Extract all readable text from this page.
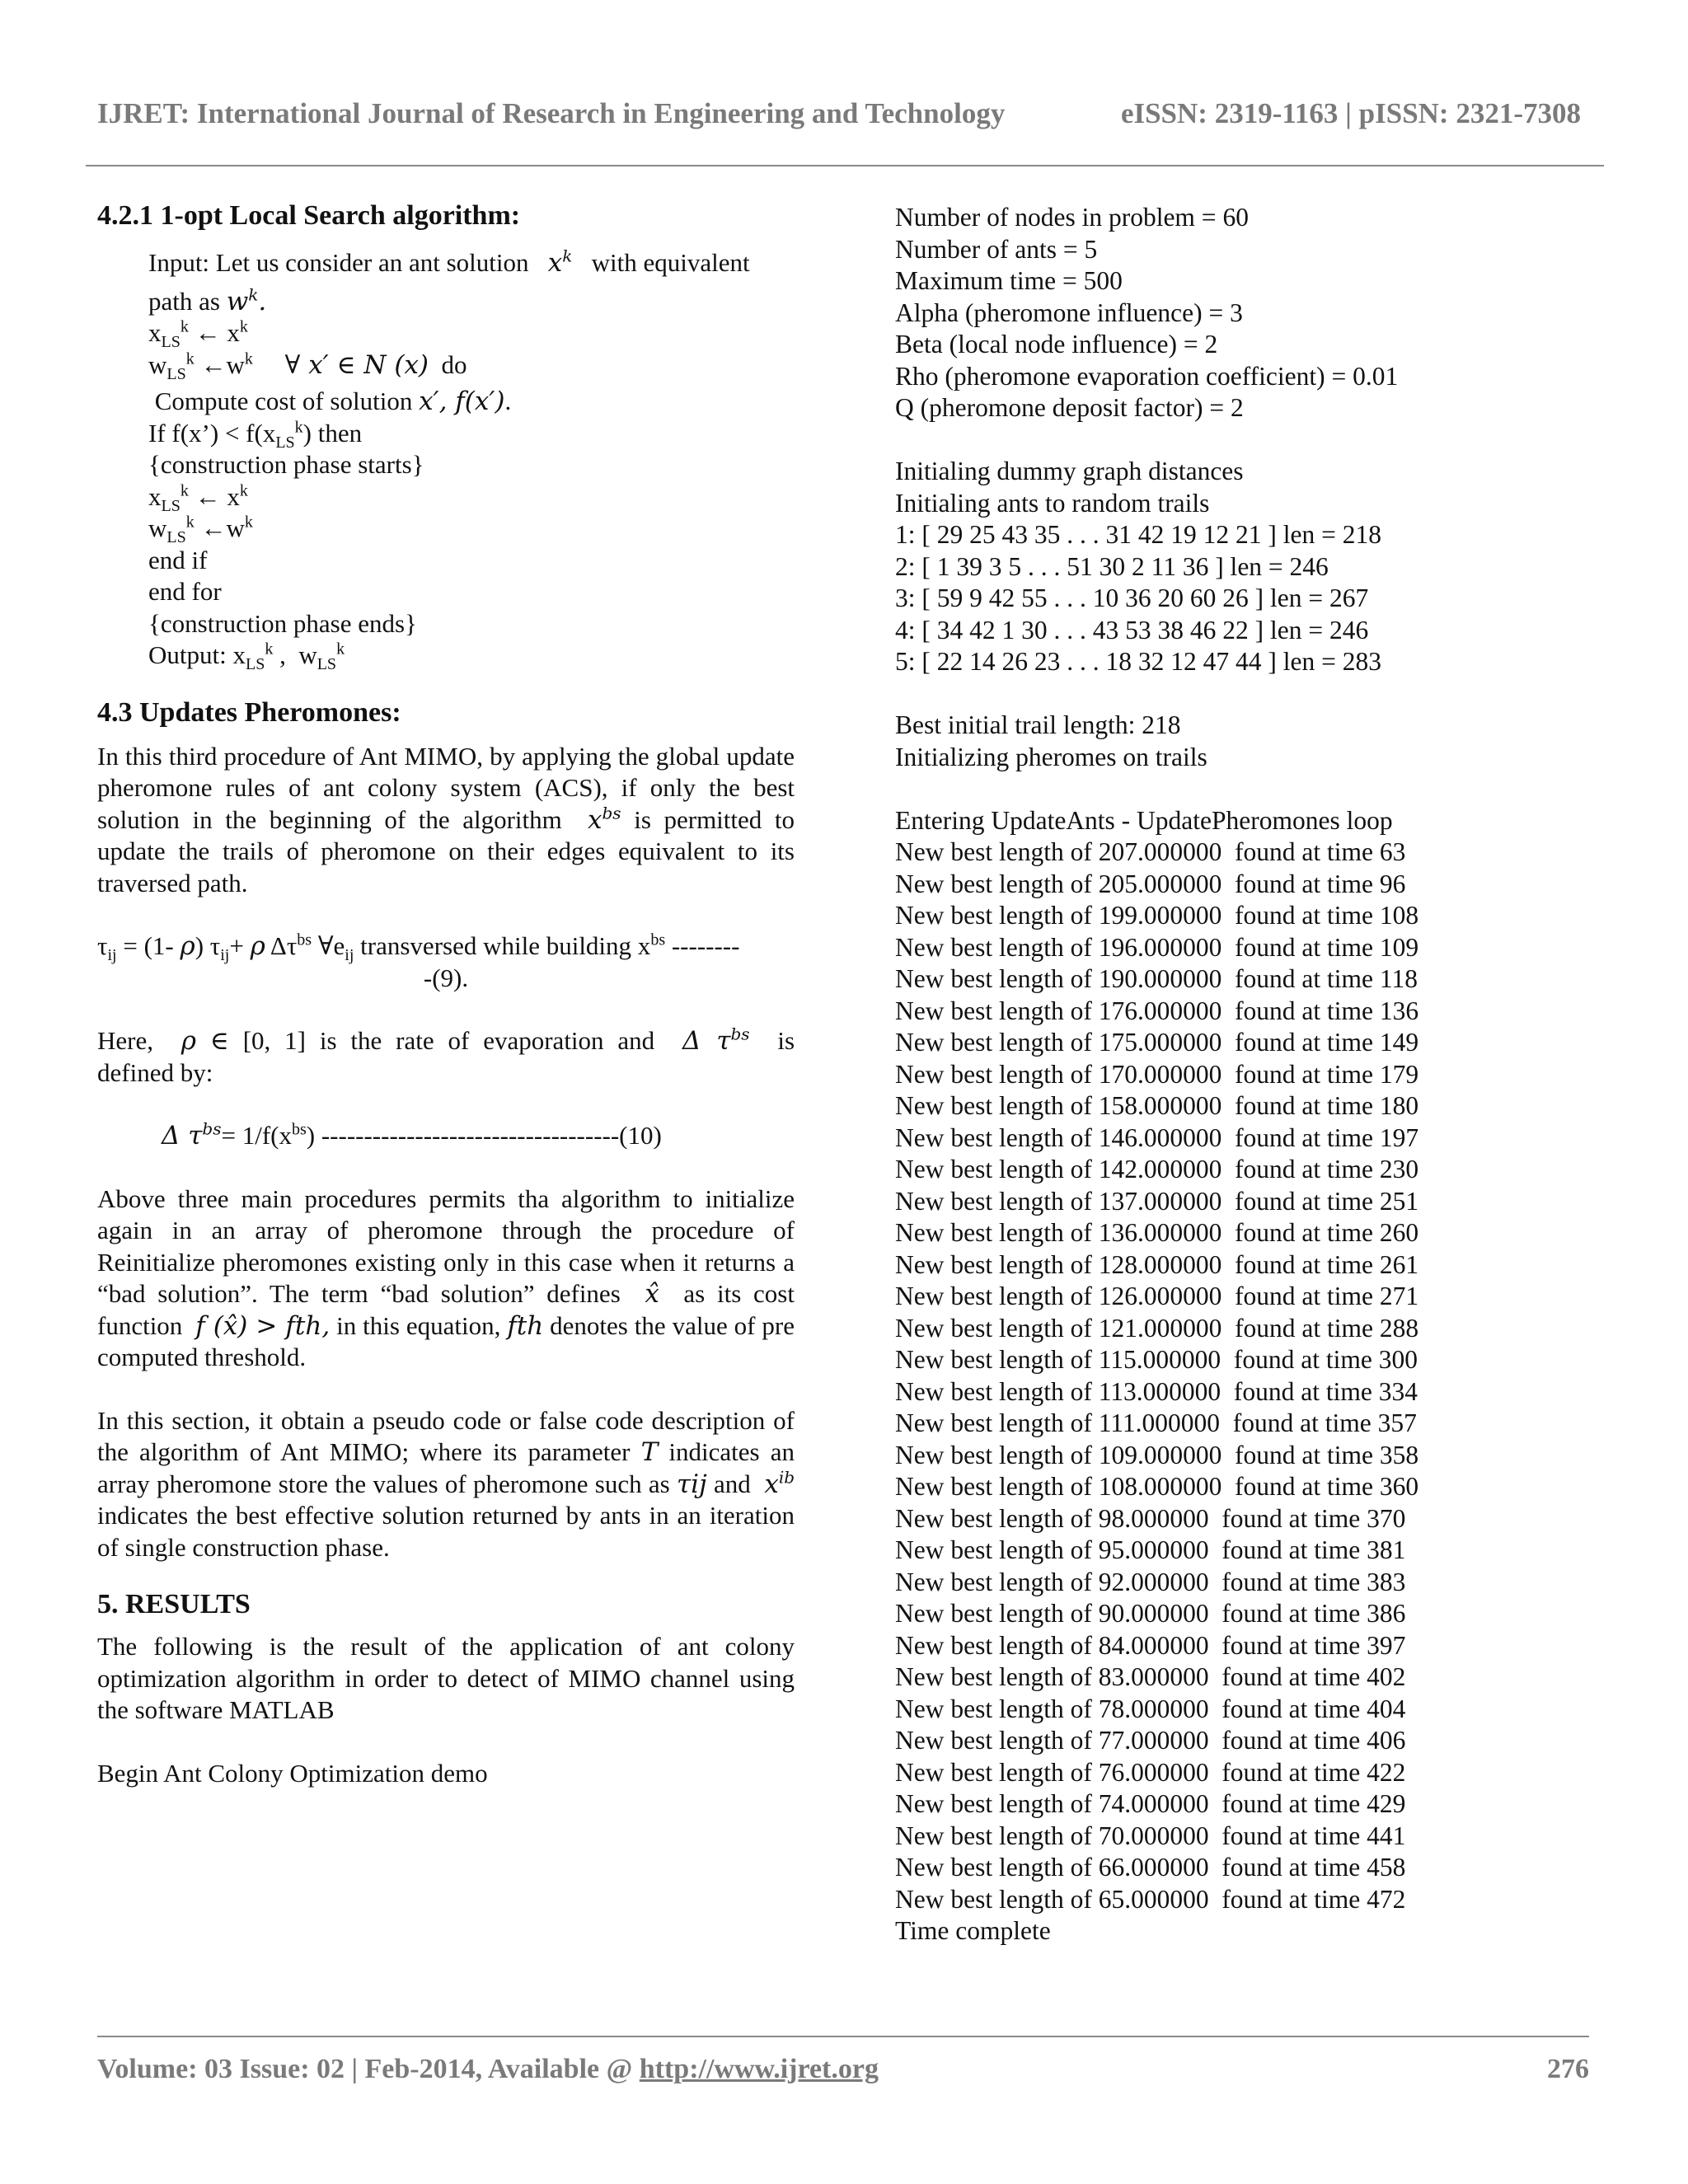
IJRET: International Journal of Research in Engineering and Technology	eISSN: 2319-1163 | pISSN: 2321-7308
4.2.1 1-opt Local Search algorithm:
Input: Let us consider an ant solution $x^k$ with equivalent
path as $w^k$.
$x_{LS}^k$ ← $x^k$
$w_{LS}^k$ $\leftarrow w^k$ ∀ x′ ∈ N (x) do
Compute cost of solution x′, f(x′).
If f(x’) < $f(x_{LS}^k)$ then
{construction phase starts}
$x_{LS}^k$ ← $x^k$
$w_{LS}^k$ $\leftarrow w^k$
end if
end for
{construction phase ends}
Output: $x_{LS}^k$ ,  $w_{LS}^k$
4.3 Updates Pheromones:

In this third procedure of Ant MIMO, by applying the global update pheromone rules of ant colony system (ACS), if only the best solution in the beginning of the algorithm $x^{bs}$ is permitted to update the trails of pheromone on their edges equivalent to its traversed path.

$\tau_{ij} = (1-$ ρ) $\tau_{ij}+ \rho$ $\Delta\tau^{bs}$ $\forall e_{ij}$ transversed while building $x^{bs}$ --------
-(9).

Here, ρ ∈ [0, 1] is the rate of evaporation and Δ $\tau^{bs}$ is

defined by:

Δ $\tau^{bs}= 1/f(x^{bs})$ -----------------------------------(10)

Above three main procedures permits tha algorithm to initialize again in an array of pheromone through the procedure of Reinitialize pheromones existing only in this case when it returns a “bad solution”. The term “bad solution” defines x̂ as its cost function f (x̂) > fth, in this equation, fth denotes the value of pre computed threshold.

In this section, it obtain a pseudo code or false code description of the algorithm of Ant MIMO; where its parameter T indicates an array pheromone store the values of pheromone such as τij and $x^{ib}$ indicates the best effective solution returned by ants in an iteration of single construction phase.

5. RESULTS

The following is the result of the application of ant colony optimization algorithm in order to detect of MIMO channel using the software MATLAB

Begin Ant Colony Optimization demo

Number of nodes in problem = 60
Number of ants = 5
Maximum time = 500
Alpha (pheromone influence) = 3
Beta (local node influence) = 2
Rho (pheromone evaporation coefficient) = 0.01
Q (pheromone deposit factor) = 2
Initialing dummy graph distances
Initialing ants to random trails
1: [ 29 25 43 35 . . . 31 42 19 12 21 ] len = 218
2: [ 1 39 3 5 . . . 51 30 2 11 36 ] len = 246
3: [ 59 9 42 55 . . . 10 36 20 60 26 ] len = 267
4: [ 34 42 1 30 . . . 43 53 38 46 22 ] len = 246
5: [ 22 14 26 23 . . . 18 32 12 47 44 ] len = 283
Best initial trail length: 218
Initializing pheromes on trails
Entering UpdateAnts - UpdatePheromones loop
New best length of 207.000000  found at time 63
New best length of 205.000000  found at time 96
New best length of 199.000000  found at time 108
New best length of 196.000000  found at time 109
New best length of 190.000000  found at time 118
New best length of 176.000000  found at time 136
New best length of 175.000000  found at time 149
New best length of 170.000000  found at time 179
New best length of 158.000000  found at time 180
New best length of 146.000000  found at time 197
New best length of 142.000000  found at time 230
New best length of 137.000000  found at time 251
New best length of 136.000000  found at time 260
New best length of 128.000000  found at time 261
New best length of 126.000000  found at time 271
New best length of 121.000000  found at time 288
New best length of 115.000000  found at time 300
New best length of 113.000000  found at time 334
New best length of 111.000000  found at time 357
New best length of 109.000000  found at time 358
New best length of 108.000000  found at time 360
New best length of 98.000000  found at time 370
New best length of 95.000000  found at time 381
New best length of 92.000000  found at time 383
New best length of 90.000000  found at time 386
New best length of 84.000000  found at time 397
New best length of 83.000000  found at time 402
New best length of 78.000000  found at time 404
New best length of 77.000000  found at time 406
New best length of 76.000000  found at time 422
New best length of 74.000000  found at time 429
New best length of 70.000000  found at time 441
New best length of 66.000000  found at time 458
New best length of 65.000000  found at time 472
Time complete
Volume: 03 Issue: 02 | Feb-2014, Available @ http://www.ijret.org	276
